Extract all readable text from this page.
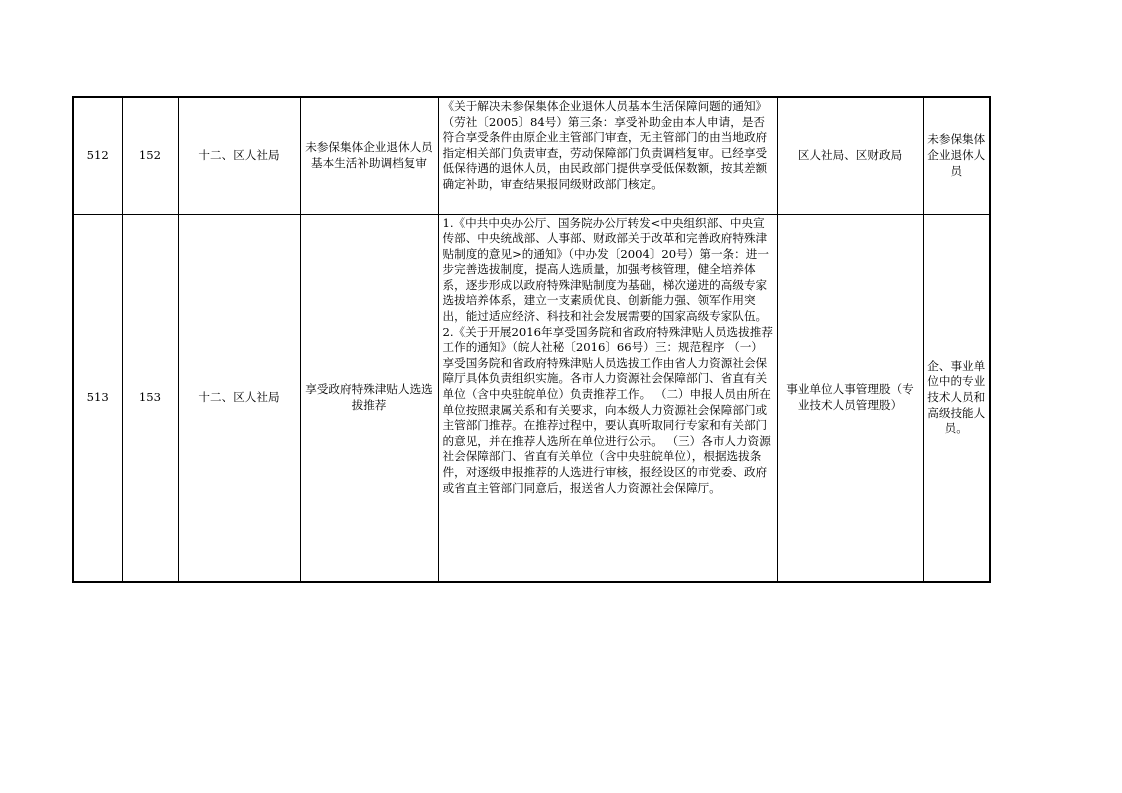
512	152	十二、区人社局	未参保集体企业退休人员基本生活补助调档复审	《关于解决未参保集体企业退休人员基本生活保障问题的通知》（劳社〔2005〕84号）第三条：享受补助金由本人申请，是否符合享受条件由原企业主管部门审查，无主管部门的由当地政府指定相关部门负责审查，劳动保障部门负责调档复审。已经享受低保待遇的退休人员，由民政部门提供享受低保数额，按其差额确定补助，审查结果报同级财政部门核定。	区人社局、区财政局	未参保集体企业退休人员
513	153	十二、区人社局	享受政府特殊津贴人选选拔推荐	1.《中共中央办公厅、国务院办公厅转发<中央组织部、中央宣传部、中央统战部、人事部、财政部关于改革和完善政府特殊津贴制度的意见>的通知》（中办发〔2004〕20号）第一条：进一步完善选拔制度，提高人选质量，加强考核管理，健全培养体系，逐步形成以政府特殊津贴制度为基础，梯次递进的高级专家选拔培养体系，建立一支素质优良、创新能力强、领军作用突出，能过适应经济、科技和社会发展需要的国家高级专家队伍。
2.《关于开展2016年享受国务院和省政府特殊津贴人员选拔推荐工作的通知》（皖人社秘〔2016〕66号）三：规范程序 （一）享受国务院和省政府特殊津贴人员选拔工作由省人力资源社会保障厅具体负责组织实施。各市人力资源社会保障部门、省直有关单位（含中央驻皖单位）负责推荐工作。 （二）申报人员由所在单位按照隶属关系和有关要求，向本级人力资源社会保障部门或主管部门推荐。在推荐过程中，要认真听取同行专家和有关部门的意见，并在推荐人选所在单位进行公示。 （三）各市人力资源社会保障部门、省直有关单位（含中央驻皖单位），根据选拔条件，对逐级申报推荐的人选进行审核，报经设区的市党委、政府或省直主管部门同意后，报送省人力资源社会保障厅。	事业单位人事管理股（专业技术人员管理股）	企、事业单位中的专业技术人员和高级技能人员。
